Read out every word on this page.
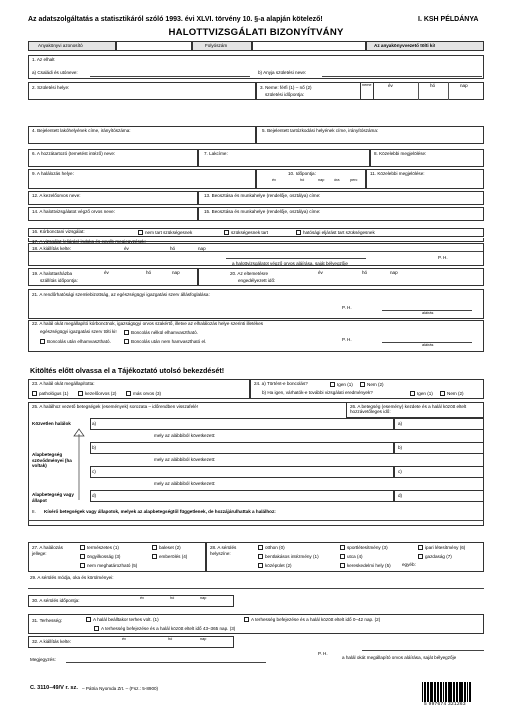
Az adatszolgáltatás a statisztikáról szóló 1993. évi XLVI. törvény 10. §-a alapján kötelező!	I. KSH PÉLDÁNYA
HALOTTVIZSGÁLATI BIZONYÍTVÁNY
Anyakönyvi azonosító	Folyószám	Az anyakönyvvezető tölti ki!
1. Az elhalt
a) Családi és utóneve:	b) Anyja születési neve:
2. Születési helye:	3. Neme: férfi (1) – nő (2)
születési időpontja:
neme	év	hó	nap
4. Bejelentett lakóhelyének címe, irányítószáma:	5. Bejelentett tartózkodási helyének címe, irányítószáma:
6. A hozzátartozó (temetést intéző) neve:	7. Lakcíme:	8. Közelebbi megjelölése:
9. A halálozás helye:	10. Időpontja:
év	hó	nap	óra	perc
11. Közelebbi megjelölése:
12. A kezelőorvos neve:	13. Beosztása és munkahelye (rendelője, osztálya) címe:
14. A halottvizsgálatot végző orvos neve:	15. Beosztása és munkahelye (rendelője, osztálya) címe:
16. Kórbonctani vizsgálat:	nem tart szükségesnek	szükségesnek tart	hatósági eljárást tart szükségesnek
17. A vizsgálat (eljárás) indoka és egyéb megjegyzések:
18. A kiállítás kelte:	év	hó	nap
a halottvizsgálatot végző orvos aláírása, saját bélyegzője
P. H.
19. A halottasházba
szállítás időpontja:
év	hó	nap	20. Az eltemetésre
engedélyezett idő:
év	hó	nap
21. A rendőrhatósági szemlebizottság, az egészségügyi igazgatási szerv állásfoglalása:
P. H.
aláírás
22. A halál okát megállapító kórbonctnok, igazságügyi orvos szakértő, illetve az elhalálozás helye szerinti illetékes
egészségügyi igazgatási szerv tölti ki!	Boncolás nélkül elhamvasztható.
Boncolás után elhamvasztható.	Boncolás után nem hamvasztható el.	P. H.
aláírás
Kitöltés előtt olvassa el a Tájékoztató utolsó bekezdését!
23. A halál okát megállapította:
pathológus (1)	kezelőorvos (2)	más orvos (3)
24. a) Történt-e boncolás?	Igen (1)	Nem (2)
b) Ha igen, várhatók-e további vizsgálati eredmények?	Igen (1)	Nem (2)
25. A halálhoz vezető betegségek (események) sorozata – időrendben visszafelé!	26. A betegség (esemény) kezdete és a halál között eltelt hozzávetőleges idő:
Közvetlen halálok	a)	a)
mely az alábbiból következett:
Alapbetegség szövődményei (ha voltak)
b)	b)
mely az alábbiból következett:
c)	c)
mely az alábbiból következett:
Alapbetegség vagy állapot
d)	d)
II. Kísérő betegségek vagy állapotok, melyek az alapbetegségtől függetlenek, de hozzájárulhattak a halálhoz:
27. A halálozás jellege:
természetes (1)	baleset (2)
öngyilkosság (3)	emberölés (4)
nem meghatározható (5)
28. A sérülés helyszíne:
otthon (0)
bentlakásos intézmény (1)
középület (2)
sportlétesítmény (3)
utca (4)
kereskedelmi hely (5)
ipari létesítmény (6)
gazdaság (7)
egyéb:
29. A sérülés módja, oka és körülményei:
30. A sérülés időpontja:	év	hó	nap
31. Terhesség:	A halál beálltakor terhes volt. (1)	A terhesség befejezése és a halál között eltelt idő 0–42 nap. (2)
A terhesség befejezése és a halál között eltelt idő 43–365 nap. (3)
32. A kiállítás kelte:	év	hó	nap
P. H.
a halál okát megállapító orvos aláírása, saját bélyegzője
Megjegyzés:
C. 3110–49/V r. sz. – Pátria Nyomda Zrt. – (Fsz.: 5-8900)
5 997674 321263
